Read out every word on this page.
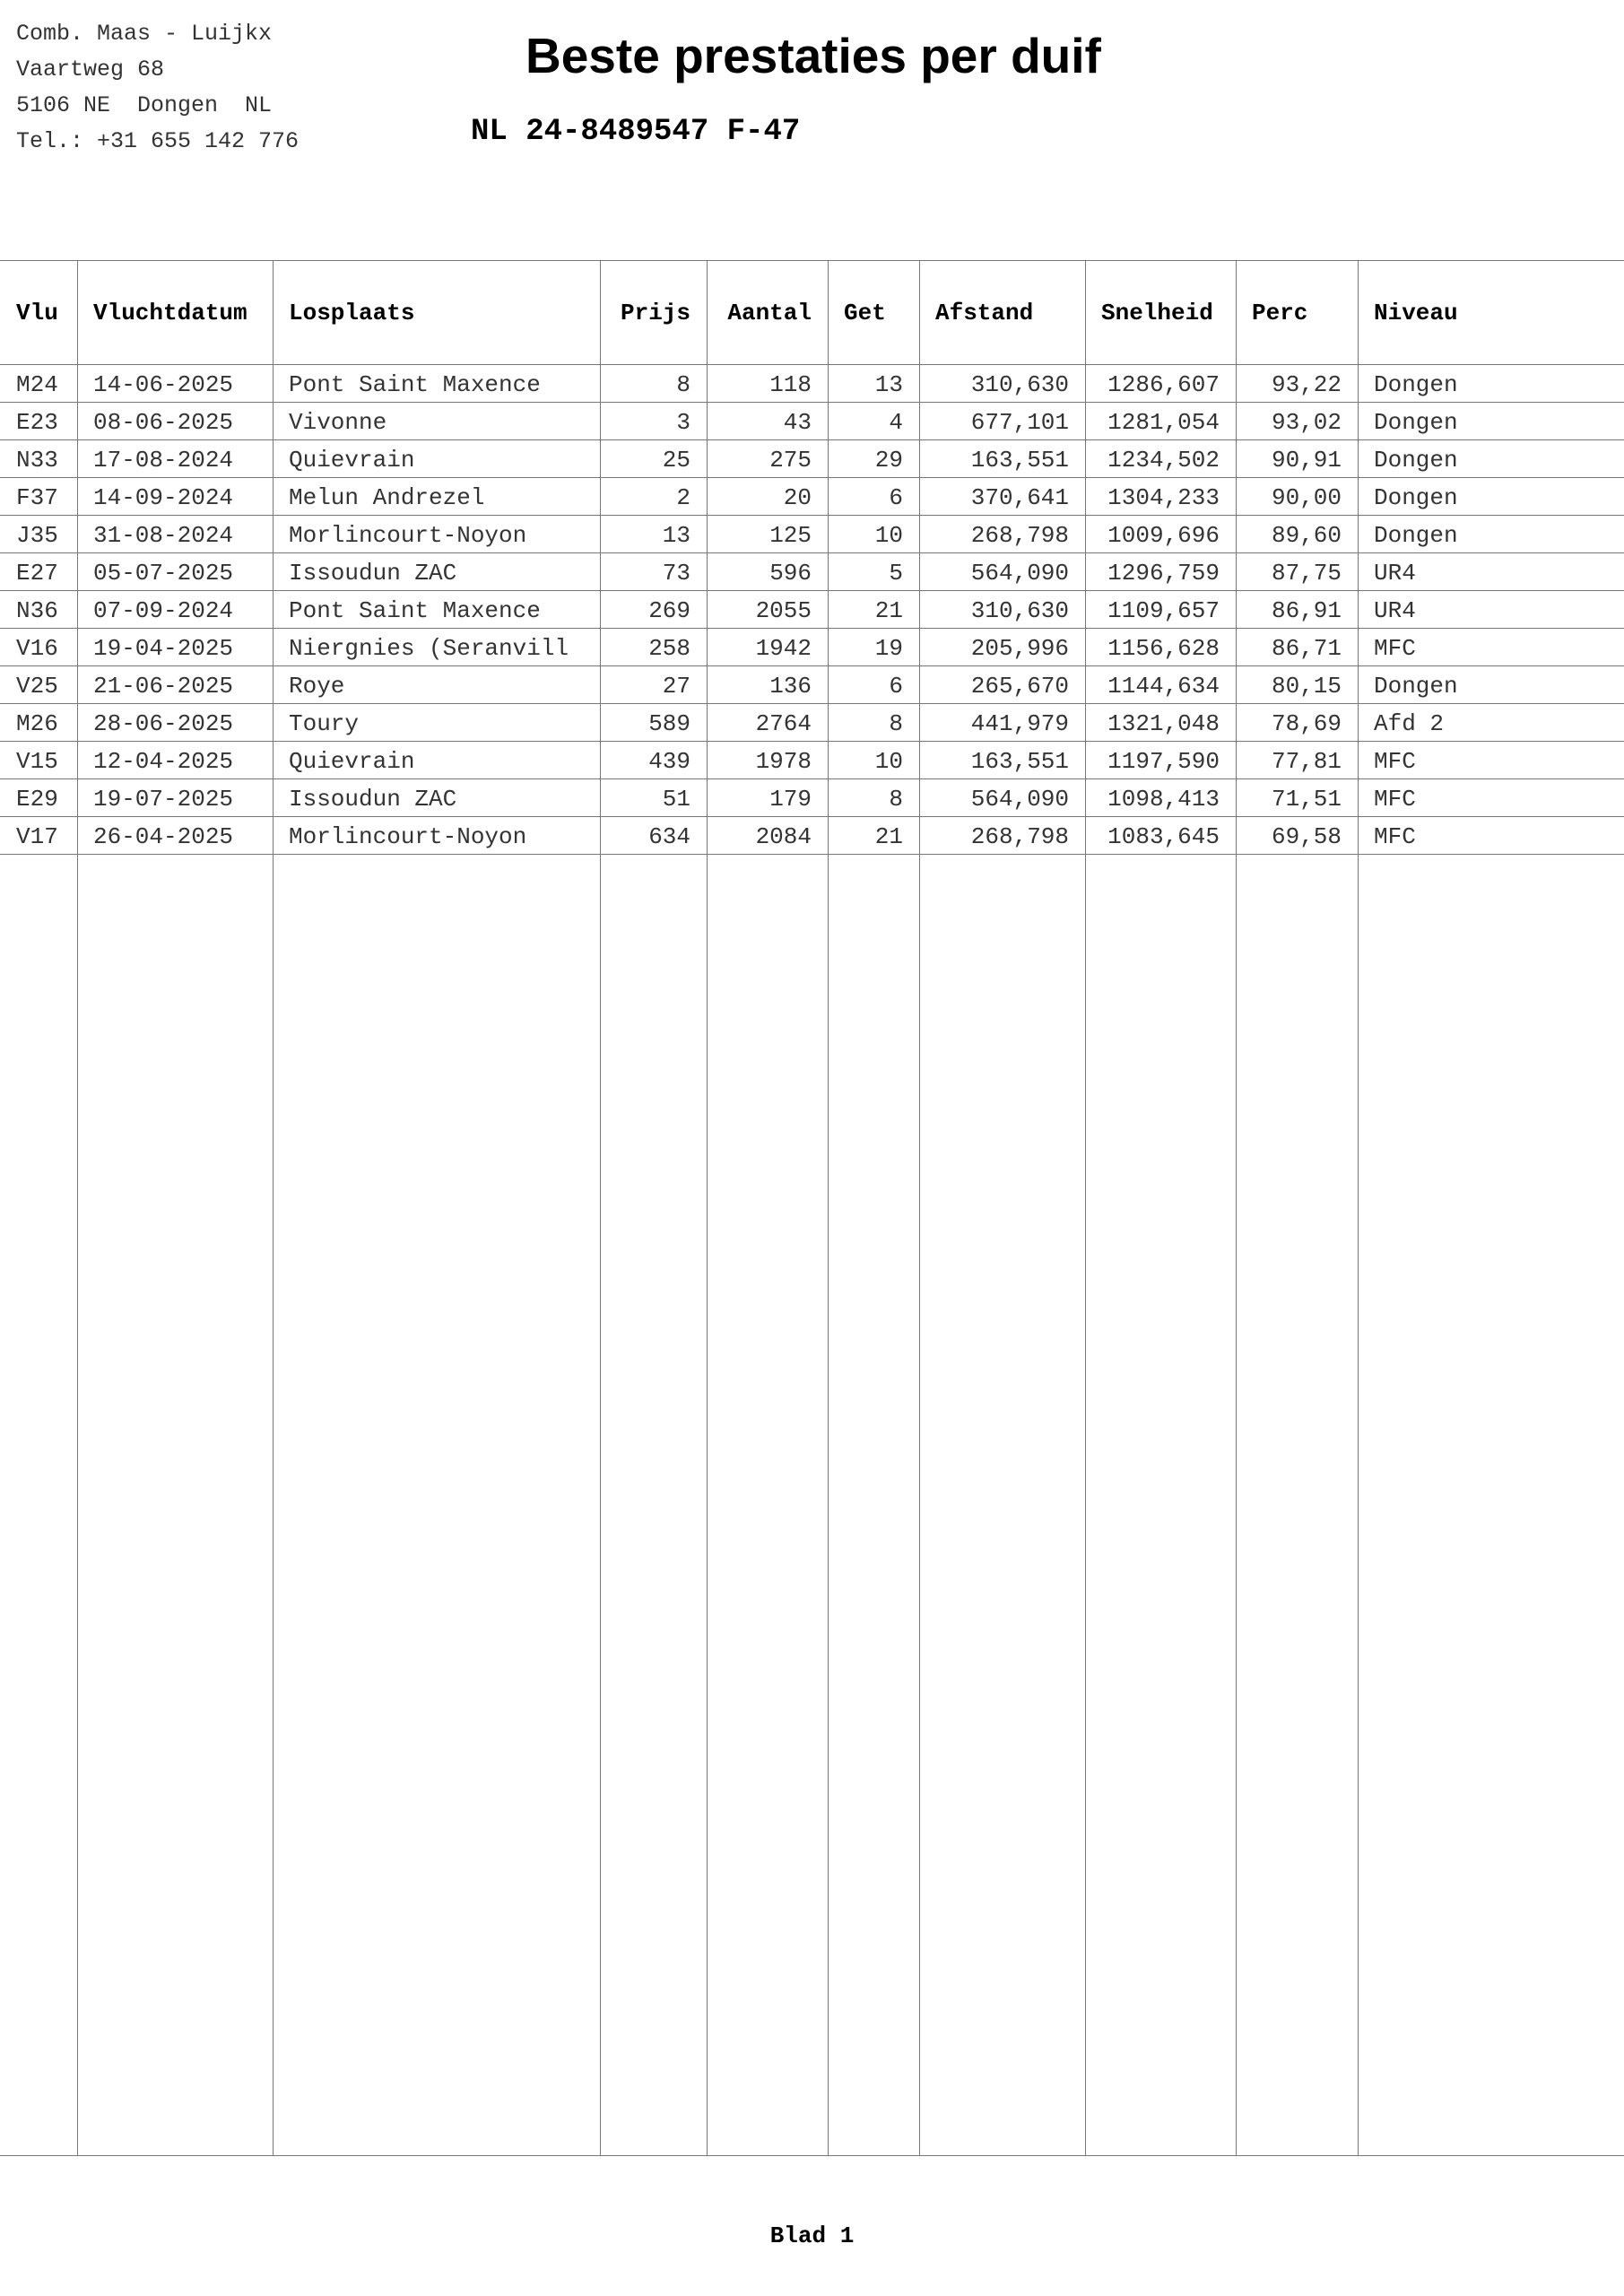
Comb. Maas - Luijkx
Vaartweg 68
5106 NE  Dongen  NL
Tel.: +31 655 142 776
Beste prestaties per duif
NL 24-8489547 F-47
Vlu	Vluchtdatum	Losplaats	Prijs	Aantal	Get	Afstand	Snelheid	Perc	Niveau
M24	14-06-2025	Pont Saint Maxence	8	118	13	310,630	1286,607	93,22	Dongen
E23	08-06-2025	Vivonne	3	43	4	677,101	1281,054	93,02	Dongen
N33	17-08-2024	Quievrain	25	275	29	163,551	1234,502	90,91	Dongen
F37	14-09-2024	Melun Andrezel	2	20	6	370,641	1304,233	90,00	Dongen
J35	31-08-2024	Morlincourt-Noyon	13	125	10	268,798	1009,696	89,60	Dongen
E27	05-07-2025	Issoudun ZAC	73	596	5	564,090	1296,759	87,75	UR4
N36	07-09-2024	Pont Saint Maxence	269	2055	21	310,630	1109,657	86,91	UR4
V16	19-04-2025	Niergnies (Seranvill	258	1942	19	205,996	1156,628	86,71	MFC
V25	21-06-2025	Roye	27	136	6	265,670	1144,634	80,15	Dongen
M26	28-06-2025	Toury	589	2764	8	441,979	1321,048	78,69	Afd 2
V15	12-04-2025	Quievrain	439	1978	10	163,551	1197,590	77,81	MFC
E29	19-07-2025	Issoudun ZAC	51	179	8	564,090	1098,413	71,51	MFC
V17	26-04-2025	Morlincourt-Noyon	634	2084	21	268,798	1083,645	69,58	MFC
Blad 1
